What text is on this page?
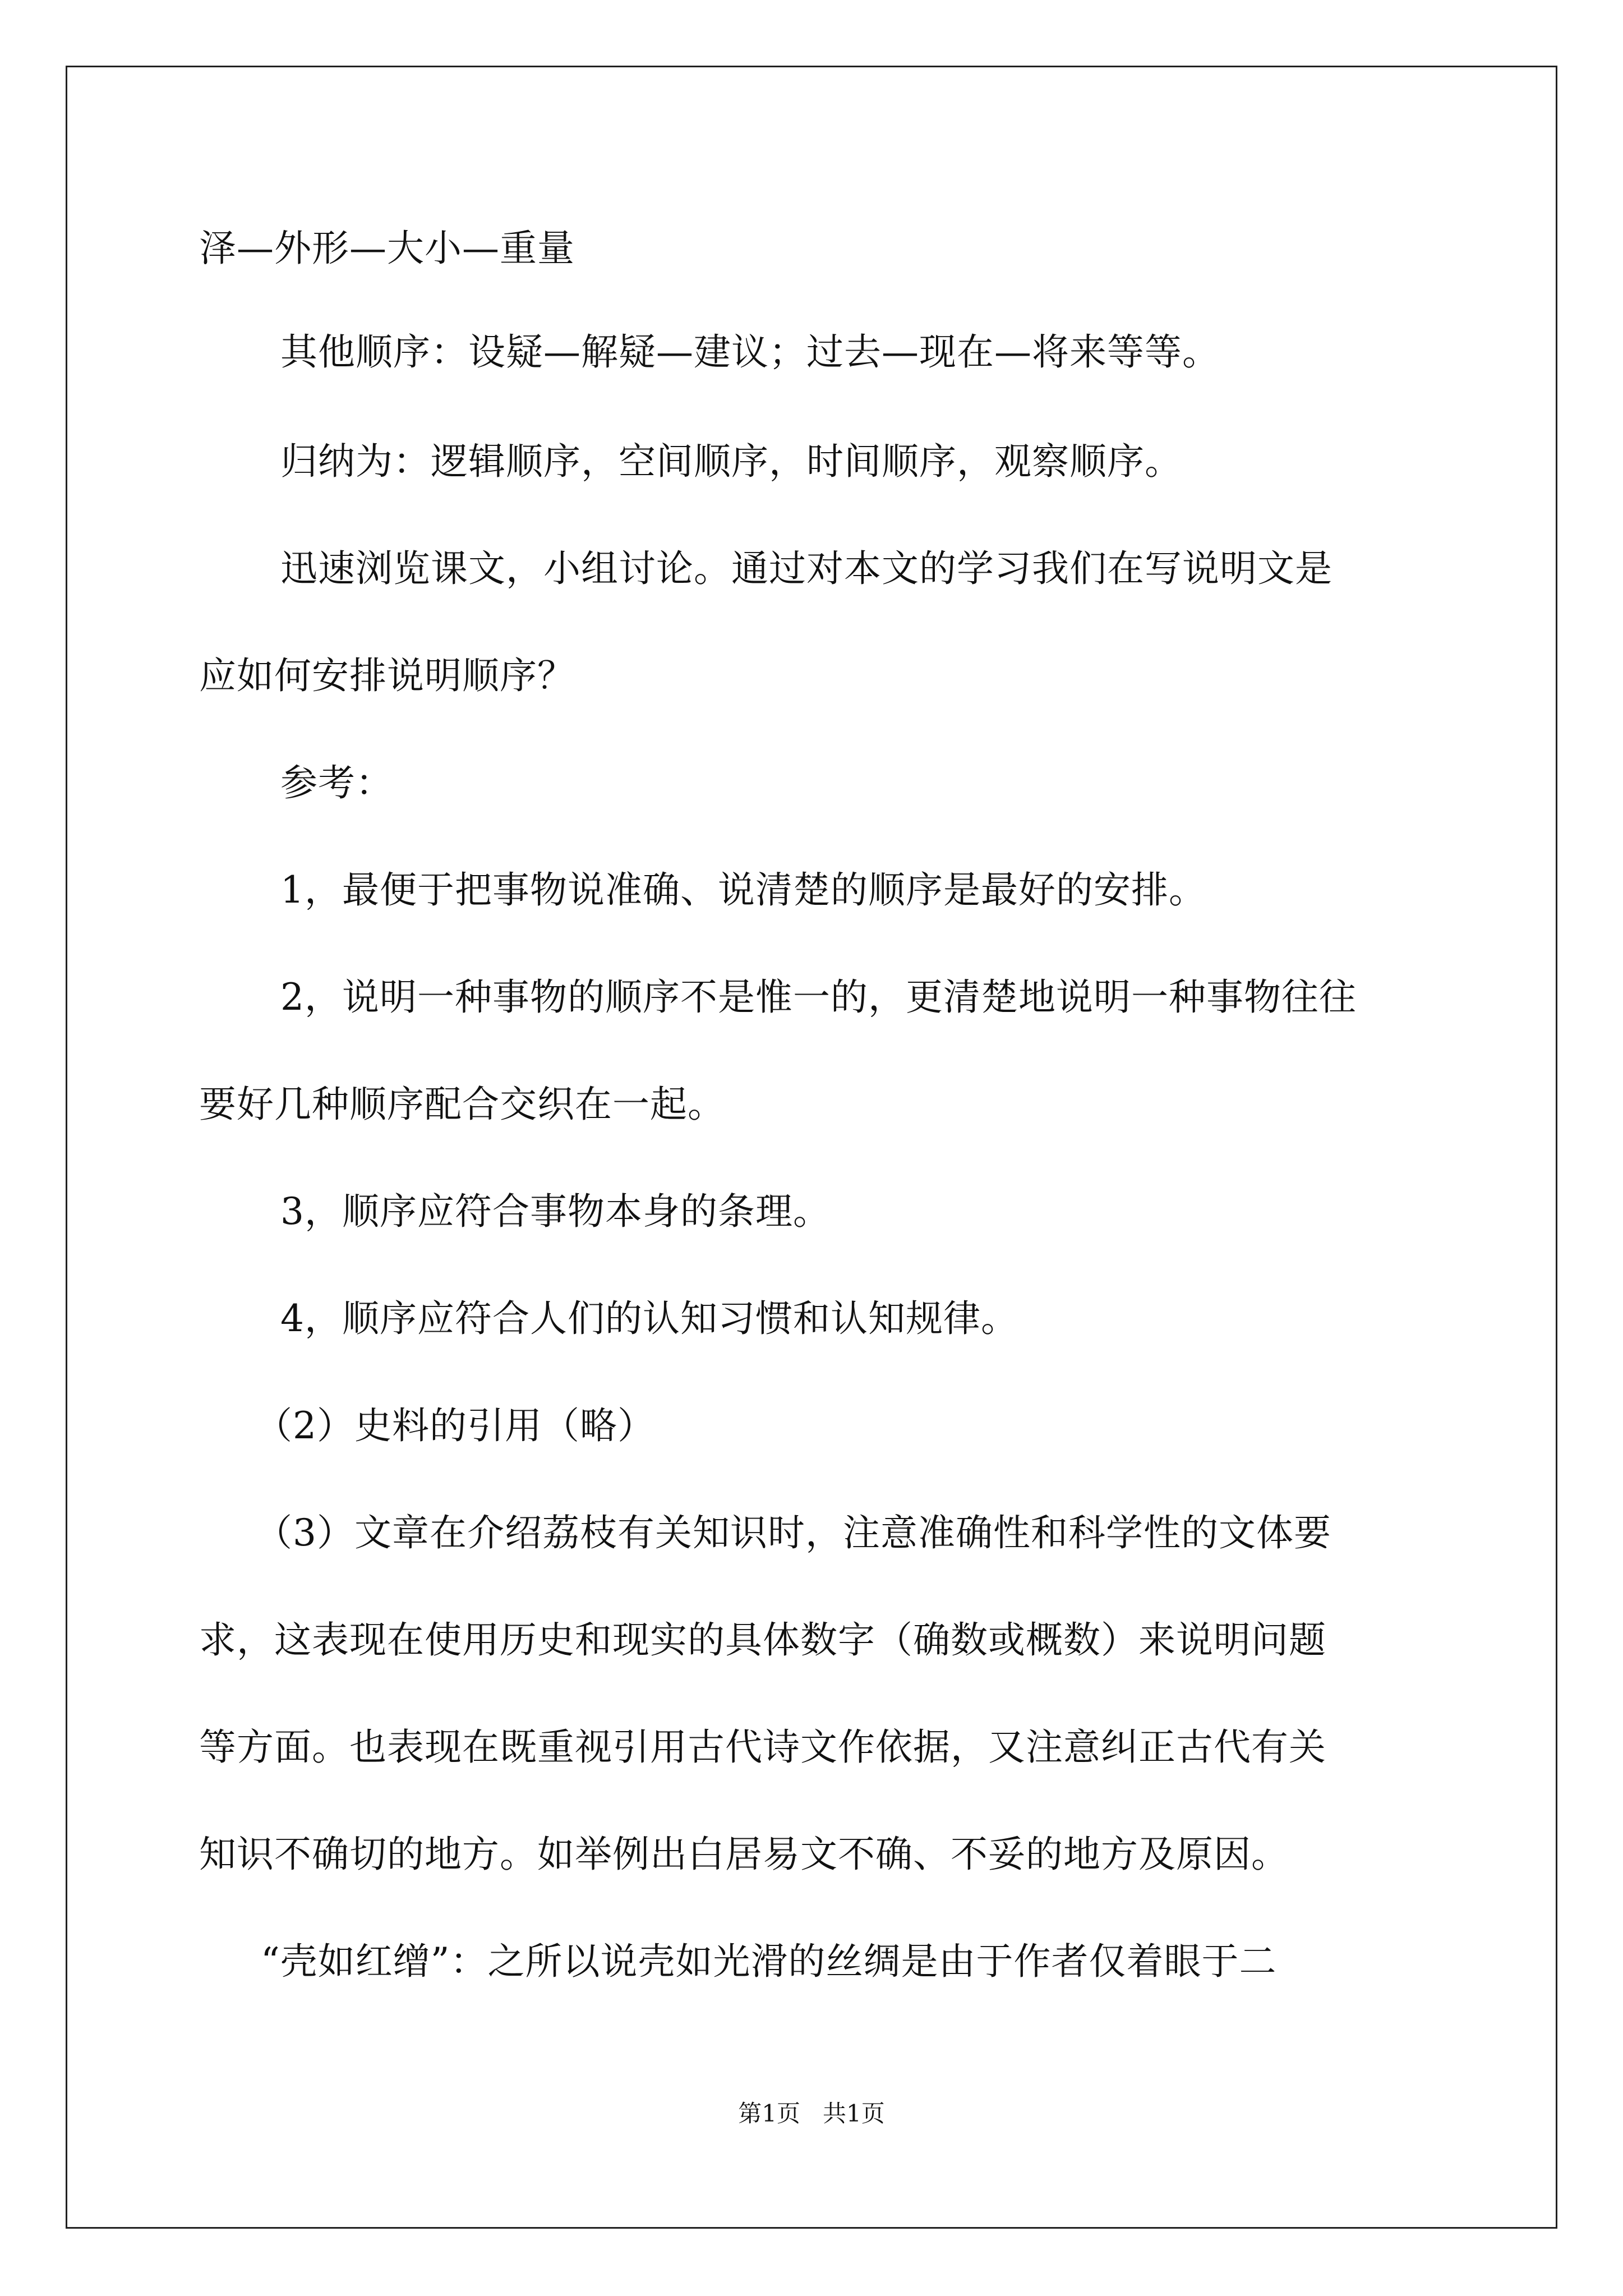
泽—外形—大小—重量
其他顺序：设疑—解疑—建议；过去—现在—将来等等。
归纳为：逻辑顺序，空间顺序，时间顺序，观察顺序。
迅速浏览课文，小组讨论。通过对本文的学习我们在写说明文是
应如何安排说明顺序？
参考：
1，最便于把事物说准确、说清楚的顺序是最好的安排。
2，说明一种事物的顺序不是惟一的，更清楚地说明一种事物往往
要好几种顺序配合交织在一起。
3，顺序应符合事物本身的条理。
4，顺序应符合人们的认知习惯和认知规律。
（2）史料的引用（略）
（3）文章在介绍荔枝有关知识时，注意准确性和科学性的文体要
求，这表现在使用历史和现实的具体数字（确数或概数）来说明问题
等方面。也表现在既重视引用古代诗文作依据，又注意纠正古代有关
知识不确切的地方。如举例出白居易文不确、不妥的地方及原因。
“壳如红缯”：之所以说壳如光滑的丝绸是由于作者仅着眼于二
第1页   共1页
